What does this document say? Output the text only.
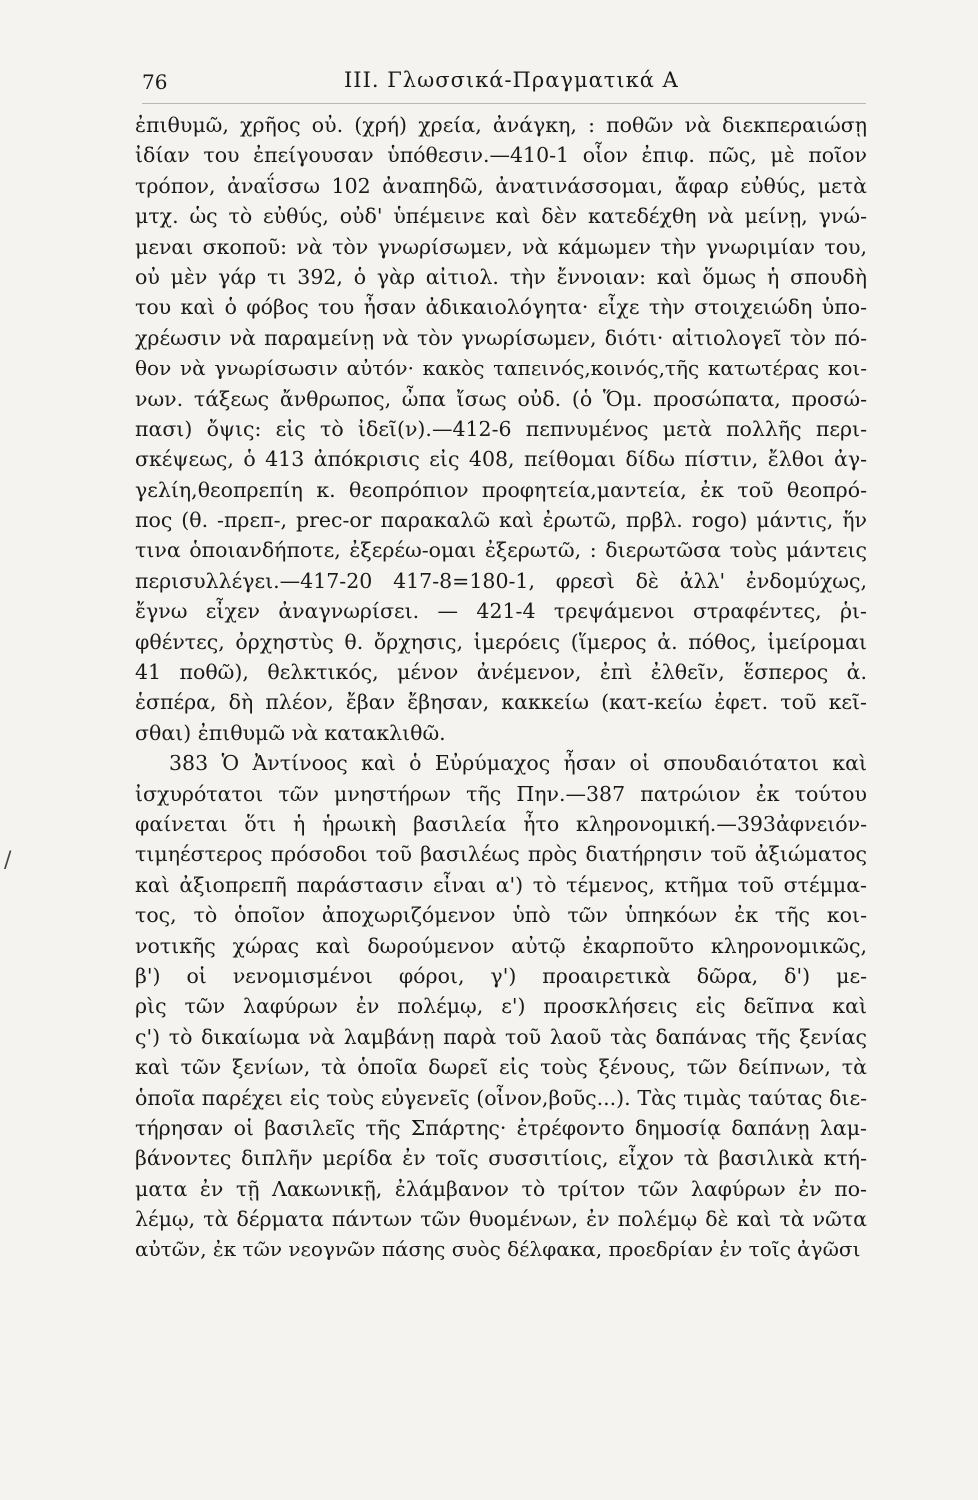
76	ΙΙΙ. Γλωσσικά-Πραγματικά Α
/
ἐπιθυμῶ, χρῆος οὐ. (χρή) χρεία, ἀνάγκη, : ποθῶν νὰ διεκπεραιώσῃ
ἰδίαν του ἐπείγουσαν ὑπόθεσιν.—410-1 οἷον ἐπιφ. πῶς, μὲ ποῖον
τρόπον, ἀναΐσσω 102 ἀναπηδῶ, ἀνατινάσσομαι, ἄφαρ εὐθύς, μετὰ
μτχ. ὡς τὸ εὐθύς, οὐδ' ὑπέμεινε καὶ δὲν κατεδέχθη νὰ μείνῃ, γνώ-
μεναι σκοποῦ: νὰ τὸν γνωρίσωμεν, νὰ κάμωμεν τὴν γνωριμίαν του,
οὐ μὲν γάρ τι 392, ὁ γὰρ αἰτιολ. τὴν ἔννοιαν: καὶ ὅμως ἡ σπουδὴ
του καὶ ὁ φόβος του ἦσαν ἀδικαιολόγητα· εἶχε τὴν στοιχειώδη ὑπο-
χρέωσιν νὰ παραμείνῃ νὰ τὸν γνωρίσωμεν, διότι· αἰτιολογεῖ τὸν πό-
θον νὰ γνωρίσωσιν αὐτόν· κακὸς ταπεινός,κοινός,τῆς κατωτέρας κοι-
νων. τάξεως ἄνθρωπος, ὦπα ἴσως οὐδ. (ὁ Ὅμ. προσώπατα, προσώ-
πασι) ὄψις: εἰς τὸ ἰδεῖ(ν).—412-6 πεπνυμένος μετὰ πολλῆς περι-
σκέψεως, ὁ 413 ἀπόκρισις εἰς 408, πείθομαι δίδω πίστιν, ἔλθοι ἀγ-
γελίη,θεοπρεπίη κ. θεοπρόπιον προφητεία,μαντεία, ἐκ τοῦ θεοπρό-
πος (θ. -πρεπ-, prec-or παρακαλῶ καὶ ἐρωτῶ, πρβλ. rogo) μάντις, ἥν
τινα ὁποιανδήποτε, ἐξερέω-ομαι ἐξερωτῶ, : διερωτῶσα τοὺς μάντεις
περισυλλέγει.—417-20 417-8=180-1, φρεσὶ δὲ ἀλλ' ἐνδομύχως,
ἔγνω εἶχεν ἀναγνωρίσει. — 421-4 τρεψάμενοι στραφέντες, ῥι-
φθέντες, ὀρχηστὺς θ. ὄρχησις, ἱμερόεις (ἵμερος ἀ. πόθος, ἱμείρομαι
41 ποθῶ), θελκτικός, μένον ἀνέμενον, ἐπὶ ἐλθεῖν, ἕσπερος ἀ.
ἑσπέρα, δὴ πλέον, ἔβαν ἔβησαν, κακκείω (κατ-κείω ἐφετ. τοῦ κεῖ-
σθαι) ἐπιθυμῶ νὰ κατακλιθῶ.
383 Ὁ Ἀντίνοος καὶ ὁ Εὐρύμαχος ἦσαν οἱ σπουδαιότατοι καὶ
ἰσχυρότατοι τῶν μνηστήρων τῆς Πην.—387 πατρώιον ἐκ τούτου
φαίνεται ὅτι ἡ ἡρωικὴ βασιλεία ἦτο κληρονομική.—393ἀφνειόν-
τιμηέστερος πρόσοδοι τοῦ βασιλέως πρὸς διατήρησιν τοῦ ἀξιώματος
καὶ ἀξιοπρεπῆ παράστασιν εἶναι α') τὸ τέμενος, κτῆμα τοῦ στέμμα-
τος, τὸ ὁποῖον ἀποχωριζόμενον ὑπὸ τῶν ὑπηκόων ἐκ τῆς κοι-
νοτικῆς χώρας καὶ δωρούμενον αὐτῷ ἐκαρποῦτο κληρονομικῶς,
β') οἱ νενομισμένοι φόροι, γ') προαιρετικὰ δῶρα, δ') με-
ρὶς τῶν λαφύρων ἐν πολέμῳ, ε') προσκλήσεις εἰς δεῖπνα καὶ
ς') τὸ δικαίωμα νὰ λαμβάνῃ παρὰ τοῦ λαοῦ τὰς δαπάνας τῆς ξενίας
καὶ τῶν ξενίων, τὰ ὁποῖα δωρεῖ εἰς τοὺς ξένους, τῶν δείπνων, τὰ
ὁποῖα παρέχει εἰς τοὺς εὐγενεῖς (οἶνον,βοῦς...). Τὰς τιμὰς ταύτας διε-
τήρησαν οἱ βασιλεῖς τῆς Σπάρτης· ἐτρέφοντο δημοσίᾳ δαπάνῃ λαμ-
βάνοντες διπλῆν μερίδα ἐν τοῖς συσσιτίοις, εἶχον τὰ βασιλικὰ κτή-
ματα ἐν τῇ Λακωνικῇ, ἐλάμβανον τὸ τρίτον τῶν λαφύρων ἐν πο-
λέμῳ, τὰ δέρματα πάντων τῶν θυομένων, ἐν πολέμῳ δὲ καὶ τὰ νῶτα
αὐτῶν, ἐκ τῶν νεογνῶν πάσης συὸς δέλφακα, προεδρίαν ἐν τοῖς ἀγῶσι
